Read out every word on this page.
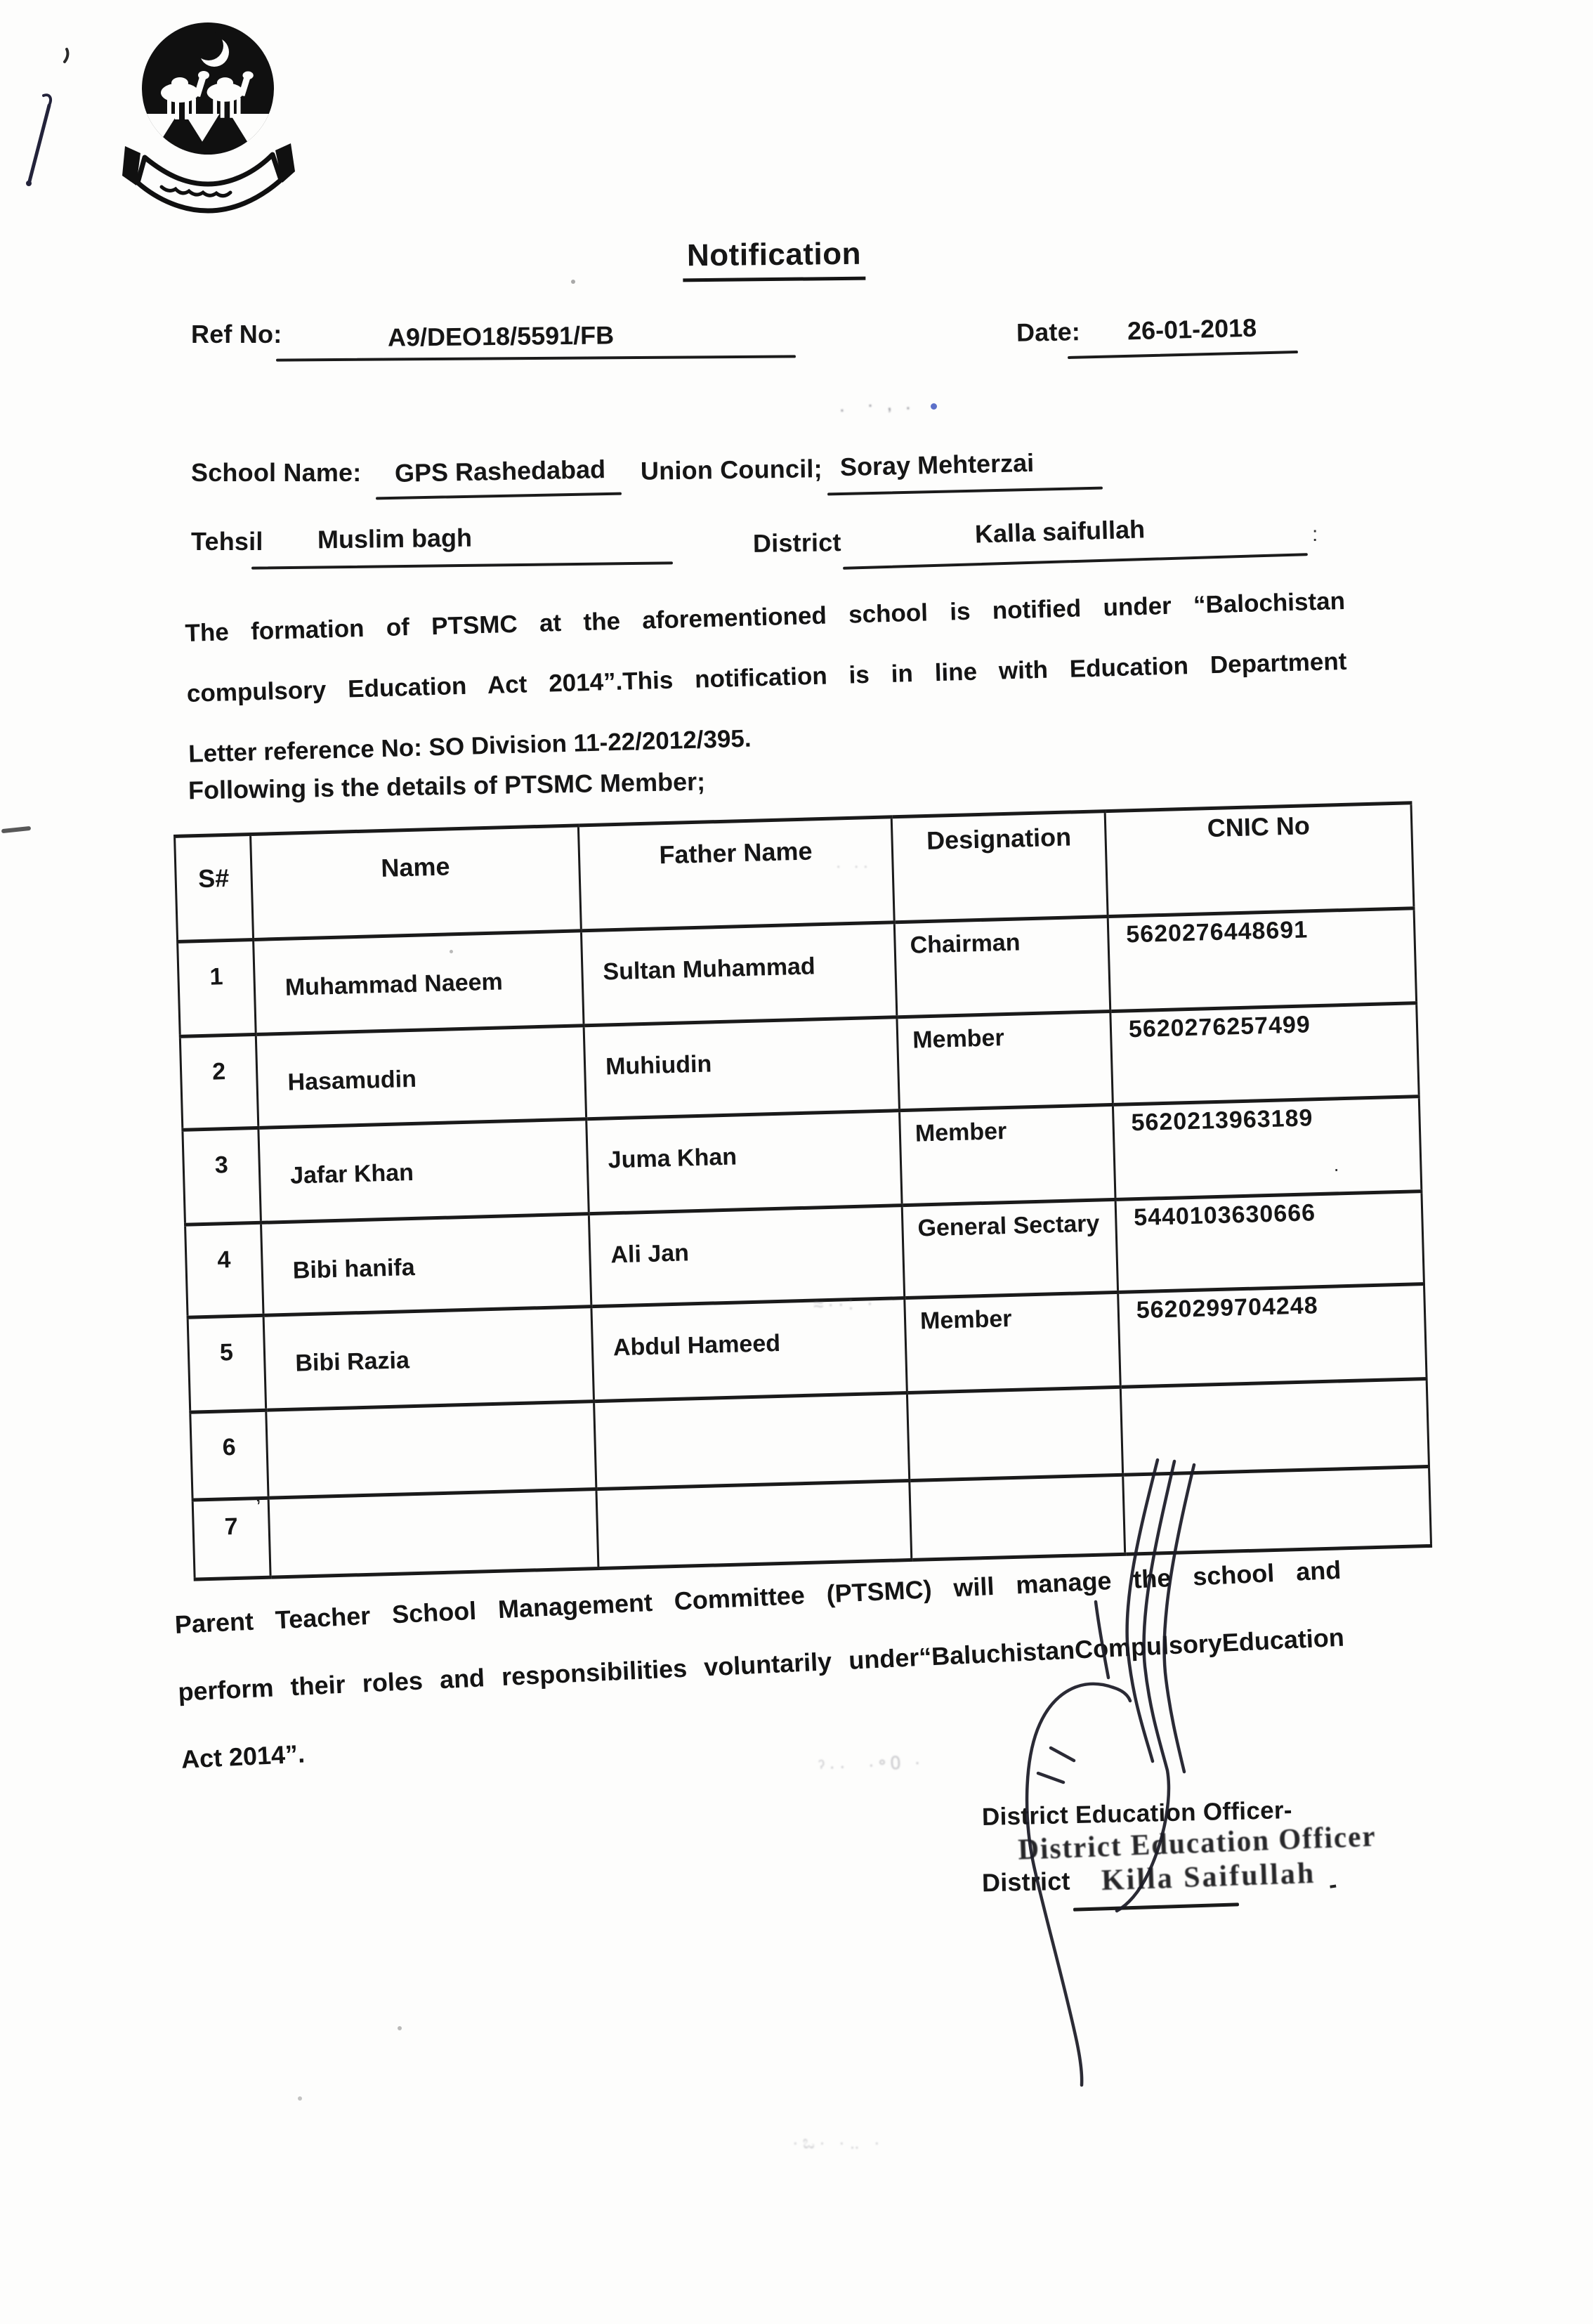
Notification
Ref No:	A9/DEO18/5591/FB	Date: 26-01-2018
.  · , .
School Name: GPS Rashedabad Union Council; Soray Mehterzai
Tehsil Muslim bagh	District	Kalla saifullah	:
The formation of PTSMC at the aforementioned school is notified under “Balochistan
compulsory Education Act 2014”.This notification is in line with Education Department
Letter reference No: SO Division 11-22/2012/395.
Following is the details of PTSMC Member;
· ··
S#	Name	Father Name	Designation	CNIC No
1	Muhammad Naeem	Sultan Muhammad	Chairman	5620276448691
2	Hasamudin	Muhiudin	Member	5620276257499
3	Jafar Khan	Juma Khan	Member	5620213963189
4	Bibi hanifa	Ali Jan	General Sectary	5440103630666
5	Bibi Razia	Abdul Hameed	Member	5620299704248
6				
7				
ʼ
·
≈··: ·
Parent Teacher School Management Committee (PTSMC) will manage the school and
perform their roles and responsibilities voluntarily under“BaluchistanCompulsoryEducation
Act 2014”.	ˀ··  ·॰᱐ ·
District Education Officer-
District Education Officer
District Killa Saifullah -
·ಒ· ·‥ ·
